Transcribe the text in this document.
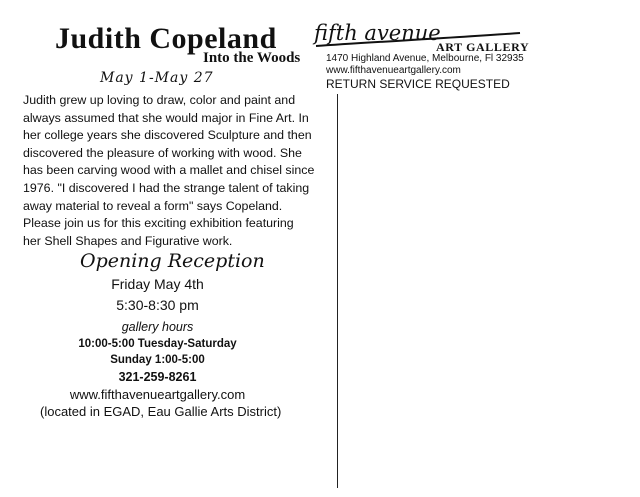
Judith Copeland
Into the Woods
May 1-May 27
Judith grew up loving to draw, color and paint and
always assumed that she would major in Fine Art. In
her college years she discovered Sculpture and then
discovered the pleasure of working with wood. She
has been carving wood with a mallet and chisel since
1976. "I discovered I had the strange talent of taking
away material to reveal a form" says Copeland.
Please join us for this exciting exhibition featuring
her Shell Shapes and Figurative work.
Opening Reception
Friday May 4th
5:30-8:30 pm
gallery hours
10:00-5:00 Tuesday-Saturday
Sunday 1:00-5:00
321-259-8261
www.fifthavenueartgallery.com
(located in EGAD, Eau Gallie Arts District)
fifth avenue
ART GALLERY
1470 Highland Avenue, Melbourne, Fl 32935
www.fifthavenueartgallery.com
RETURN SERVICE REQUESTED
